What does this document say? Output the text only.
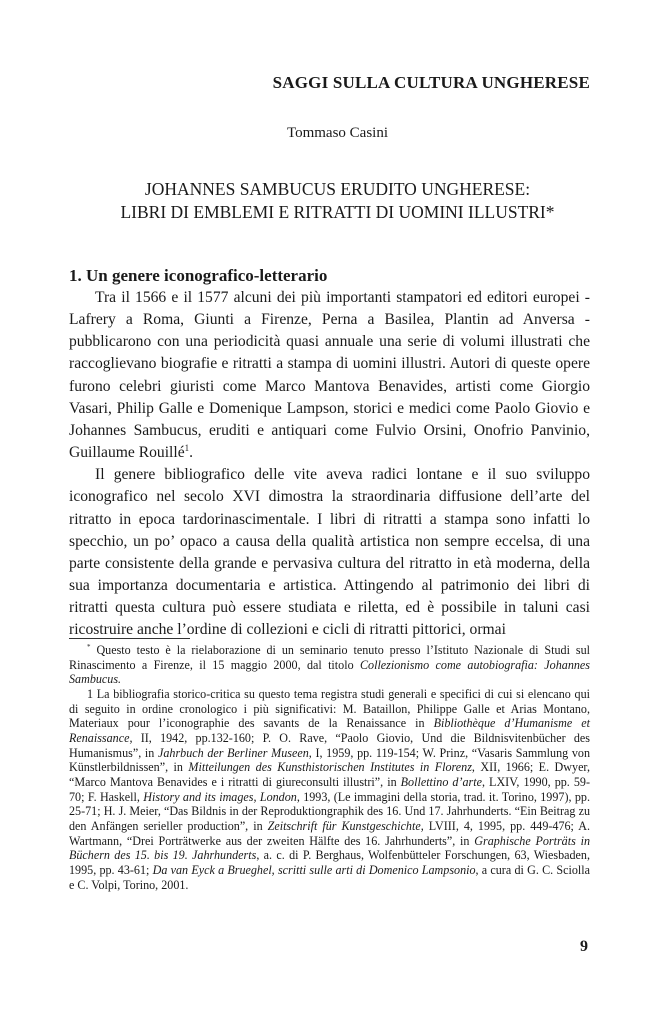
SAGGI SULLA CULTURA UNGHERESE
Tommaso Casini
JOHANNES SAMBUCUS ERUDITO UNGHERESE:
LIBRI DI EMBLEMI E RITRATTI DI UOMINI ILLUSTRI*
1. Un genere iconografico-letterario

Tra il 1566 e il 1577 alcuni dei più importanti stampatori ed editori europei - Lafrery a Roma, Giunti a Firenze, Perna a Basilea, Plantin ad Anversa - pubblicarono con una periodicità quasi annuale una serie di volumi illustrati che raccoglievano biografie e ritratti a stampa di uomini illustri. Autori di queste opere furono celebri giuristi come Marco Mantova Benavides, artisti come Giorgio Vasari, Philip Galle e Domenique Lampson, storici e medici come Paolo Giovio e Johannes Sambucus, eruditi e antiquari come Fulvio Orsini, Onofrio Panvinio, Guillaume Rouillé$^1$.

Il genere bibliografico delle vite aveva radici lontane e il suo sviluppo iconografico nel secolo XVI dimostra la straordinaria diffusione dell’arte del ritratto in epoca tardorinascimentale. I libri di ritratti a stampa sono infatti lo specchio, un po’ opaco a causa della qualità artistica non sempre eccelsa, di una parte consistente della grande e pervasiva cultura del ritratto in età moderna, della sua importanza documentaria e artistica. Attingendo al patrimonio dei libri di ritratti questa cultura può essere studiata e riletta, ed è possibile in taluni casi ricostruire anche l’ordine di collezioni e cicli di ritratti pittorici, ormai

* Questo testo è la rielaborazione di un seminario tenuto presso l’Istituto Nazionale di Studi sul Rinascimento a Firenze, il 15 maggio 2000, dal titolo Collezionismo come autobiografia: Johannes Sambucus.

1 La bibliografia storico-critica su questo tema registra studi generali e specifici di cui si elencano qui di seguito in ordine cronologico i più significativi: M. Bataillon, Philippe Galle et Arias Montano, Materiaux pour l’iconographie des savants de la Renaissance in Bibliothèque d’Humanisme et Renaissance, II, 1942, pp.132-160; P. O. Rave, “Paolo Giovio, Und die Bildnisvitenbücher des Humanismus”, in Jahrbuch der Berliner Museen, I, 1959, pp. 119-154; W. Prinz, “Vasaris Sammlung von Künstlerbildnissen”, in Mitteilungen des Kunsthistorischen Institutes in Florenz, XII, 1966; E. Dwyer, “Marco Mantova Benavides e i ritratti di giureconsulti illustri”, in Bollettino d’arte, LXIV, 1990, pp. 59-70; F. Haskell, History and its images, London, 1993, (Le immagini della storia, trad. it. Torino, 1997), pp. 25-71; H. J. Meier, “Das Bildnis in der Reproduktiongraphik des 16. Und 17. Jahrhunderts. “Ein Beitrag zu den Anfängen serieller production”, in Zeitschrift für Kunstgeschichte, LVIII, 4, 1995, pp. 449-476; A. Wartmann, “Drei Porträtwerke aus der zweiten Hälfte des 16. Jahrhunderts”, in Graphische Porträts in Büchern des 15. bis 19. Jahrhunderts, a. c. di P. Berghaus, Wolfenbütteler Forschungen, 63, Wiesbaden, 1995, pp. 43-61; Da van Eyck a Brueghel, scritti sulle arti di Domenico Lampsonio, a cura di G. C. Sciolla e C. Volpi, Torino, 2001.

9
